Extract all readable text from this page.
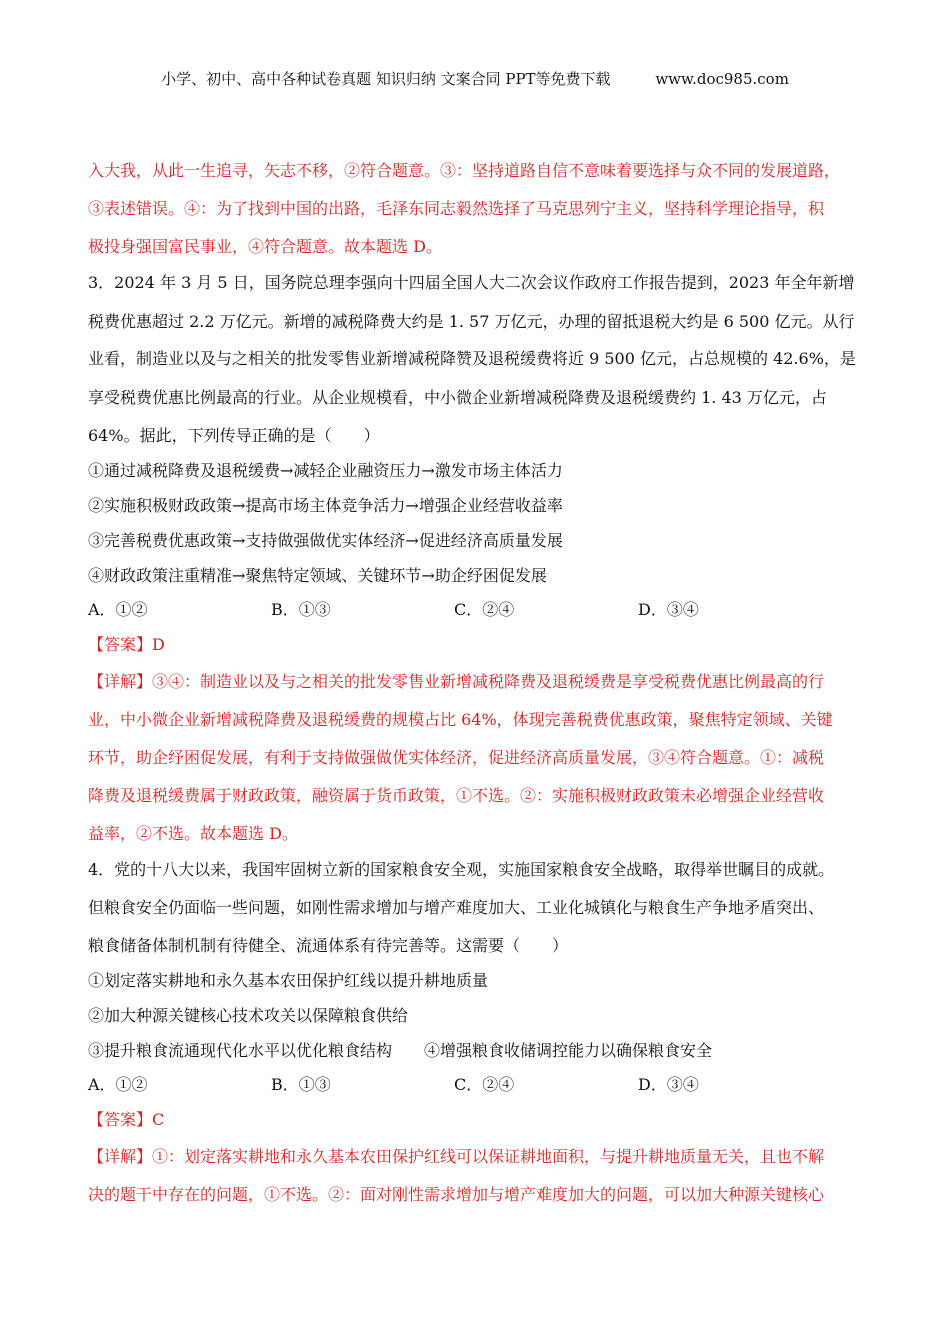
小学、初中、高中各种试卷真题 知识归纳 文案合同 PPT等免费下载	www.doc985.com
入大我，从此一生追寻，矢志不移，②符合题意。③：坚持道路自信不意味着要选择与众不同的发展道路，
③表述错误。④：为了找到中国的出路，毛泽东同志毅然选择了马克思列宁主义，坚持科学理论指导，积
极投身强国富民事业，④符合题意。故本题选 D。
3．2024 年 3 月 5 日，国务院总理李强向十四届全国人大二次会议作政府工作报告提到，2023 年全年新增
税费优惠超过 2.2 万亿元。新增的减税降费大约是 1. 57 万亿元，办理的留抵退税大约是 6 500 亿元。从行
业看，制造业以及与之相关的批发零售业新增减税降赞及退税缓费将近 9 500 亿元，占总规模的 42.6%，是
享受税费优惠比例最高的行业。从企业规模看，中小微企业新增减税降费及退税缓费约 1. 43 万亿元，占
64%。据此，下列传导正确的是（　　）
①通过减税降费及退税缓费→减轻企业融资压力→激发市场主体活力
②实施积极财政政策→提高市场主体竞争活力→增强企业经营收益率
③完善税费优惠政策→支持做强做优实体经济→促进经济高质量发展
④财政政策注重精准→聚焦特定领域、关键环节→助企纾困促发展
A．①②	B．①③	C．②④	D．③④
【答案】D
【详解】③④：制造业以及与之相关的批发零售业新增减税降费及退税缓费是享受税费优惠比例最高的行
业，中小微企业新增减税降费及退税缓费的规模占比 64%，体现完善税费优惠政策，聚焦特定领域、关键
环节，助企纾困促发展，有利于支持做强做优实体经济，促进经济高质量发展，③④符合题意。①：减税
降费及退税缓费属于财政政策，融资属于货币政策，①不选。②：实施积极财政政策未必增强企业经营收
益率，②不选。故本题选 D。
4．党的十八大以来，我国牢固树立新的国家粮食安全观，实施国家粮食安全战略，取得举世瞩目的成就。
但粮食安全仍面临一些问题，如刚性需求增加与增产难度加大、工业化城镇化与粮食生产争地矛盾突出、
粮食储备体制机制有待健全、流通体系有待完善等。这需要（　　）
①划定落实耕地和永久基本农田保护红线以提升耕地质量
②加大种源关键核心技术攻关以保障粮食供给
③提升粮食流通现代化水平以优化粮食结构　　④增强粮食收储调控能力以确保粮食安全
A．①②	B．①③	C．②④	D．③④
【答案】C
【详解】①：划定落实耕地和永久基本农田保护红线可以保证耕地面积，与提升耕地质量无关，且也不解
决的题干中存在的问题，①不选。②：面对刚性需求增加与增产难度加大的问题，可以加大种源关键核心
